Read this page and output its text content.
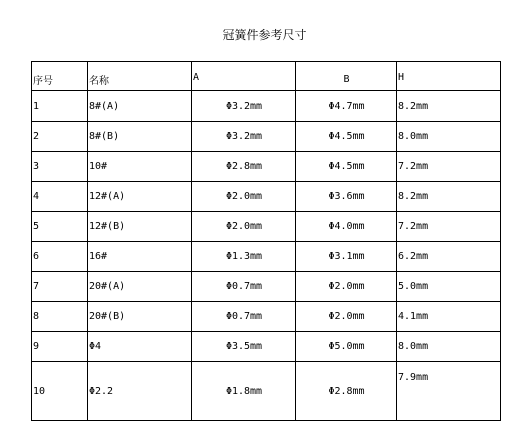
冠簧件参考尺寸
序号	名称	A	B	H
1	8#(A)	Φ3.2mm	Φ4.7mm	8.2mm
2	8#(B)	Φ3.2mm	Φ4.5mm	8.0mm
3	10#	Φ2.8mm	Φ4.5mm	7.2mm
4	12#(A)	Φ2.0mm	Φ3.6mm	8.2mm
5	12#(B)	Φ2.0mm	Φ4.0mm	7.2mm
6	16#	Φ1.3mm	Φ3.1mm	6.2mm
7	20#(A)	Φ0.7mm	Φ2.0mm	5.0mm
8	20#(B)	Φ0.7mm	Φ2.0mm	4.1mm
9	Φ4	Φ3.5mm	Φ5.0mm	8.0mm
10	Φ2.2	Φ1.8mm	Φ2.8mm	7.9mm
